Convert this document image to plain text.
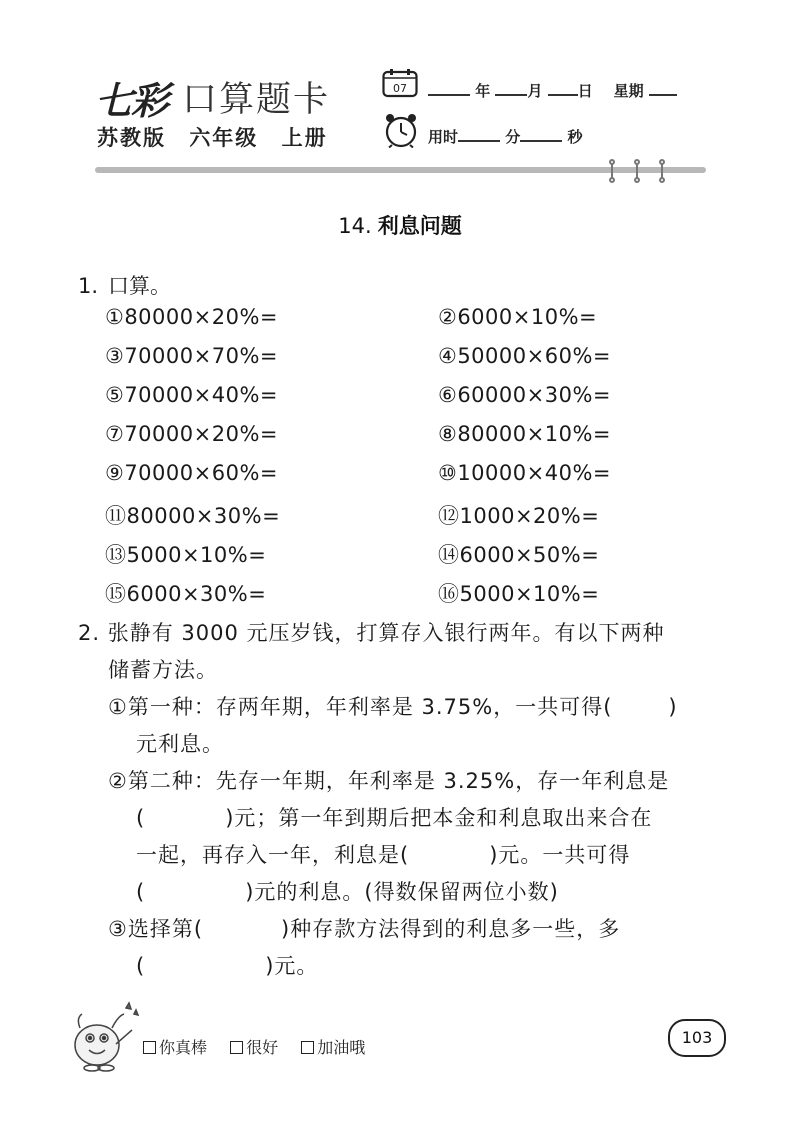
七彩 口算题卡
苏教版 六年级 上册
07	年 月 日 星期
用时	分	秒
14. 利息问题
1. 口算。
①80000×20%=	②6000×10%=
③70000×70%=	④50000×60%=
⑤70000×40%=	⑥60000×30%=
⑦70000×20%=	⑧80000×10%=
⑨70000×60%=	⑩10000×40%=
⑪80000×30%=	⑫1000×20%=
⑬5000×10%=	⑭6000×50%=
⑮6000×30%=	⑯5000×10%=
2. 张静有 3000 元压岁钱，打算存入银行两年。有以下两种
储蓄方法。
①第一种：存两年期，年利率是 3.75%，一共可得(	)
元利息。
②第二种：先存一年期，年利率是 3.25%，存一年利息是
(	)元；第一年到期后把本金和利息取出来合在
一起，再存入一年，利息是(	)元。一共可得
(	)元的利息。(得数保留两位小数)
③选择第(	)种存款方法得到的利息多一些，多
(	)元。
你真棒 很好 加油哦
103
